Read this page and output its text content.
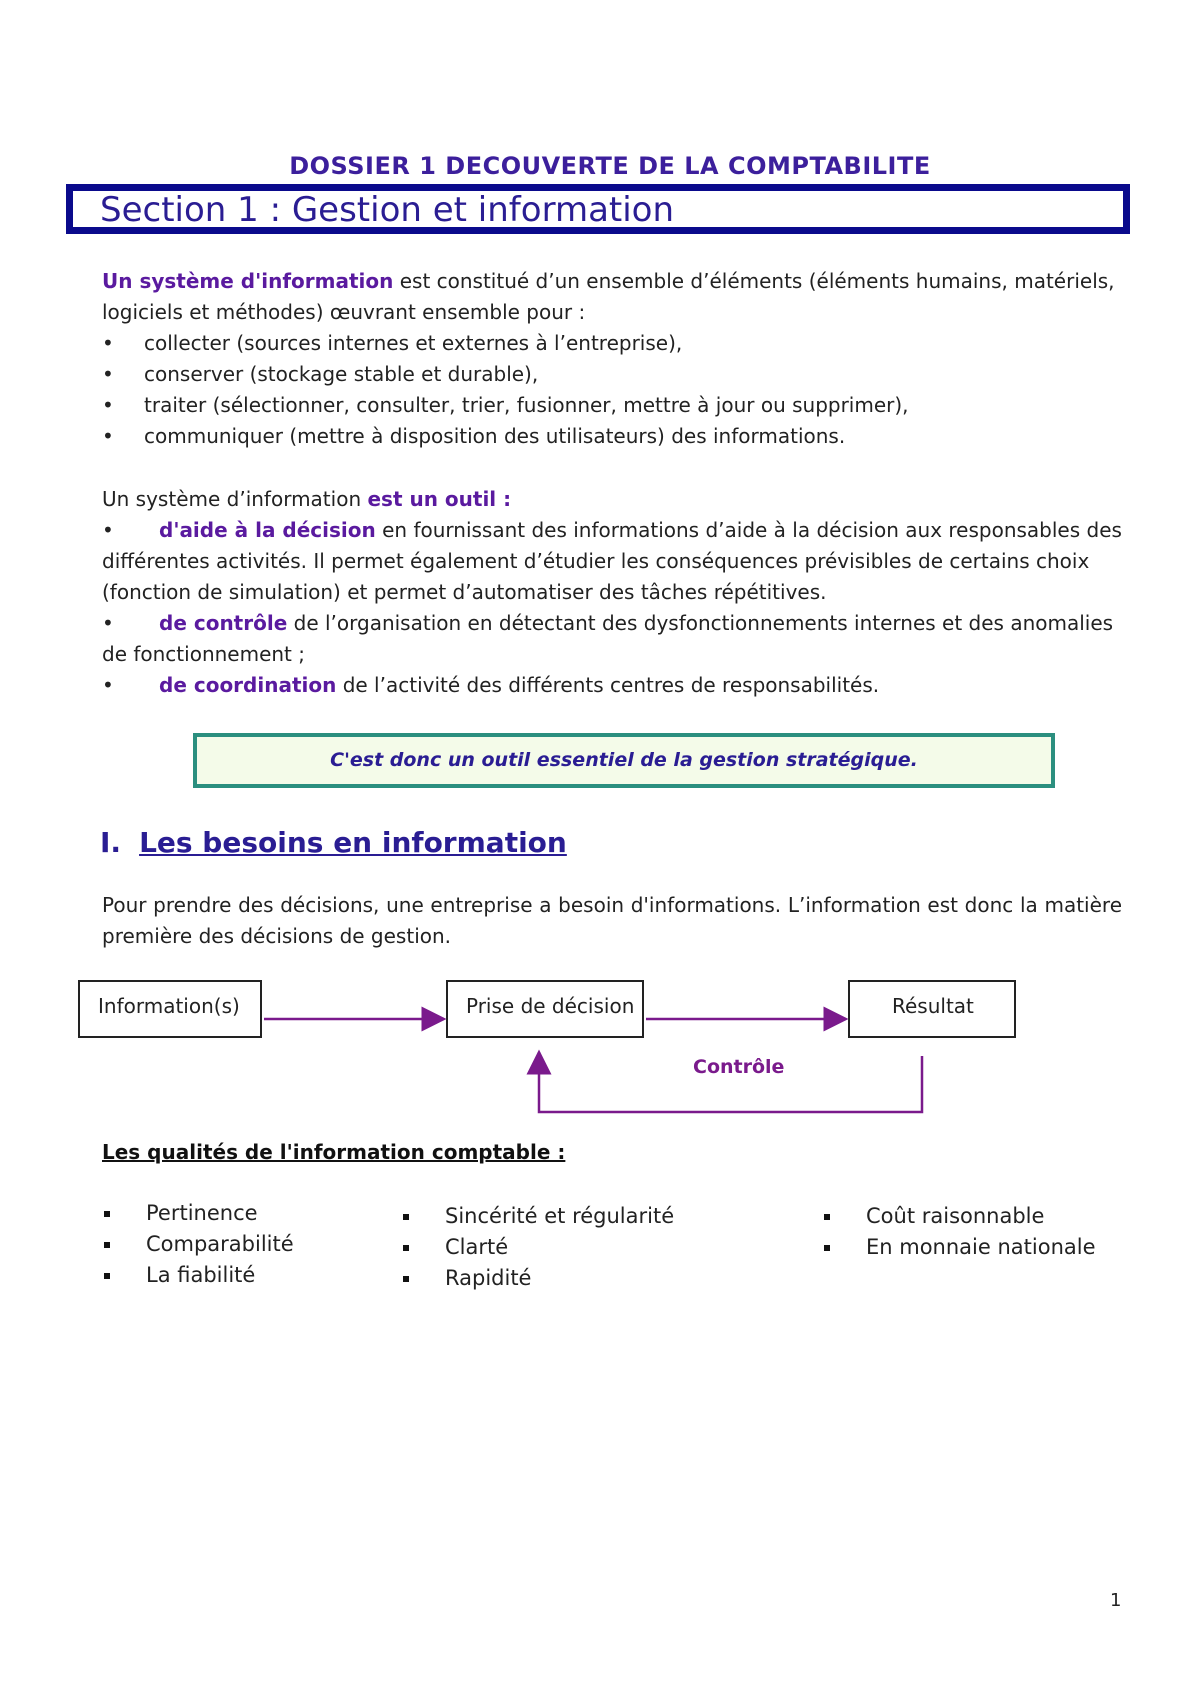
DOSSIER 1 DECOUVERTE DE LA COMPTABILITE
Section 1 : Gestion et information
Un système d'information est constitué d’un ensemble d’éléments (éléments humains, matériels, logiciels et méthodes) œuvrant ensemble pour :
• collecter (sources internes et externes à l’entreprise),
• conserver (stockage stable et durable),
• traiter (sélectionner, consulter, trier, fusionner, mettre à jour ou supprimer),
• communiquer (mettre à disposition des utilisateurs) des informations.
Un système d’information est un outil :
• d'aide à la décision en fournissant des informations d’aide à la décision aux responsables des différentes activités. Il permet également d’étudier les conséquences prévisibles de certains choix (fonction de simulation) et permet d’automatiser des tâches répétitives.
• de contrôle de l’organisation en détectant des dysfonctionnements internes et des anomalies de fonctionnement ;
• de coordination de l’activité des différents centres de responsabilités.
C'est donc un outil essentiel de la gestion stratégique.
I. Les besoins en information
Pour prendre des décisions, une entreprise a besoin d'informations. L’information est donc la matière première des décisions de gestion.
Information(s)	Prise de décision	Résultat
Contrôle
Les qualités de l'information comptable :
Pertinence
Comparabilité
La fiabilité
Sincérité et régularité
Clarté
Rapidité
Coût raisonnable
En monnaie nationale
1
